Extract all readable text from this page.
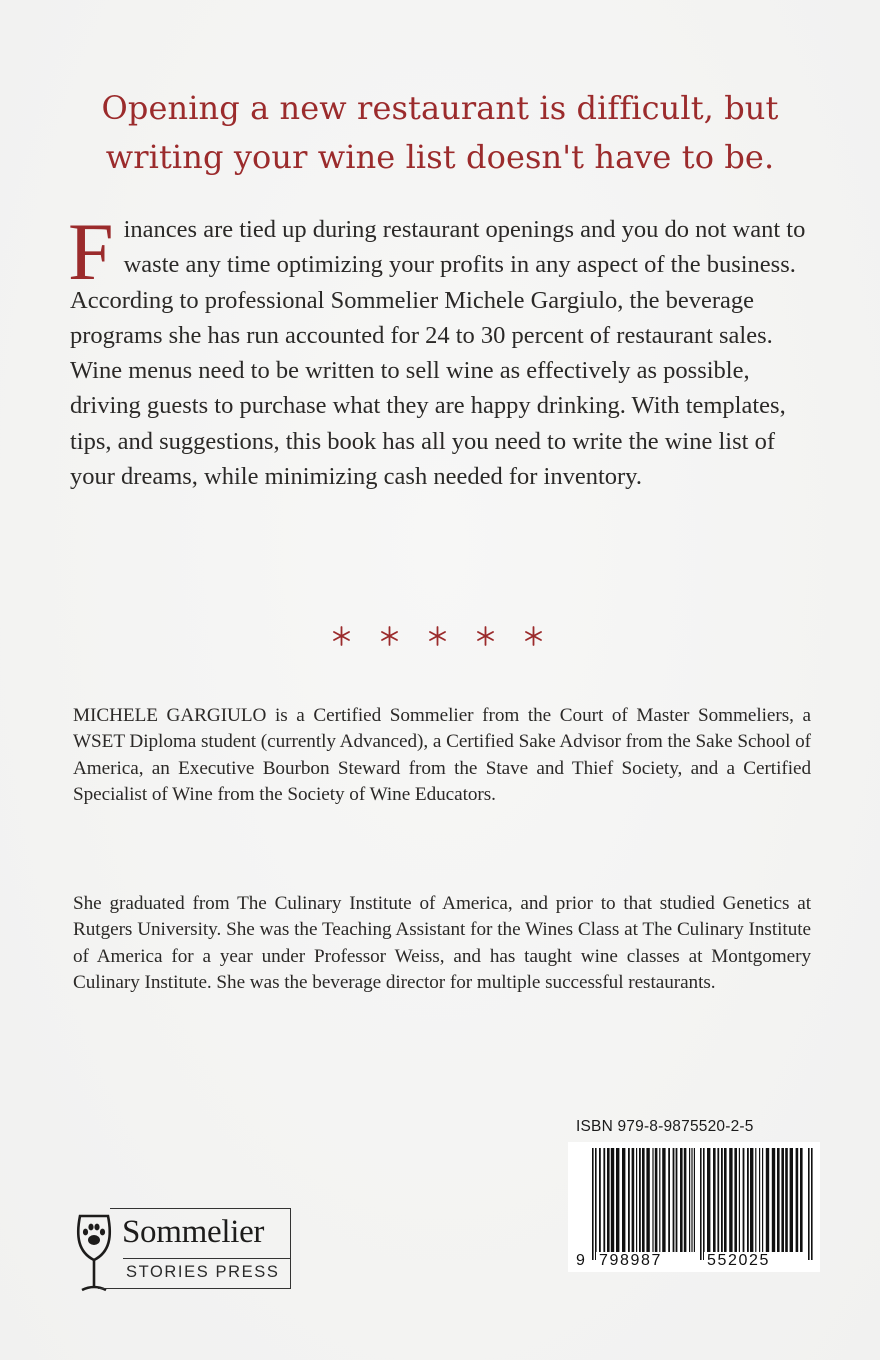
Opening a new restaurant is difficult, but
writing your wine list doesn't have to be.

Finances are tied up during restaurant openings and you do not want to waste any time optimizing your profits in any aspect of the business. According to professional Sommelier Michele Gargiulo, the beverage programs she has run accounted for 24 to 30 percent of restaurant sales. Wine menus need to be written to sell wine as effectively as possible, driving guests to purchase what they are happy drinking. With templates, tips, and suggestions, this book has all you need to write the wine list of your dreams, while minimizing cash needed for inventory.

MICHELE GARGIULO is a Certified Sommelier from the Court of Master Sommeliers, a WSET Diploma student (currently Advanced), a Certified Sake Advisor from the Sake School of America, an Executive Bourbon Steward from the Stave and Thief Society, and a Certified Specialist of Wine from the Society of Wine Educators.

She graduated from The Culinary Institute of America, and prior to that studied Genetics at Rutgers University. She was the Teaching Assistant for the Wines Class at The Culinary Institute of America for a year under Professor Weiss, and has taught wine classes at Montgomery Culinary Institute. She was the beverage director for multiple successful restaurants.

ISBN 979-8-9875520-2-5

9 798987	552025

Sommelier

STORIES PRESS
